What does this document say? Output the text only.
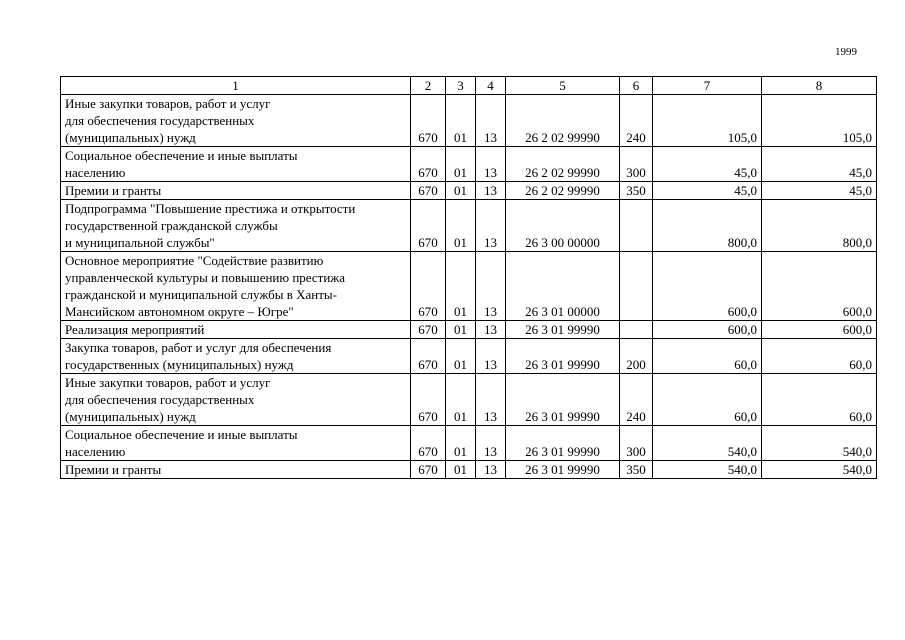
1999
1	2	3	4	5	6	7	8
Иные закупки товаров, работ и услуг
для обеспечения государственных
(муниципальных) нужд	670	01	13	26 2 02 99990	240	105,0	105,0
Социальное обеспечение и иные выплаты
населению	670	01	13	26 2 02 99990	300	45,0	45,0
Премии и гранты	670	01	13	26 2 02 99990	350	45,0	45,0
Подпрограмма "Повышение престижа и открытости
государственной гражданской службы
и муниципальной службы"	670	01	13	26 3 00 00000		800,0	800,0
Основное мероприятие "Содействие развитию
управленческой культуры и повышению престижа
гражданской и муниципальной службы в Ханты-
Мансийском автономном округе – Югре"	670	01	13	26 3 01 00000		600,0	600,0
Реализация мероприятий	670	01	13	26 3 01 99990		600,0	600,0
Закупка товаров, работ и услуг для обеспечения
государственных (муниципальных) нужд	670	01	13	26 3 01 99990	200	60,0	60,0
Иные закупки товаров, работ и услуг
для обеспечения государственных
(муниципальных) нужд	670	01	13	26 3 01 99990	240	60,0	60,0
Социальное обеспечение и иные выплаты
населению	670	01	13	26 3 01 99990	300	540,0	540,0
Премии и гранты	670	01	13	26 3 01 99990	350	540,0	540,0
